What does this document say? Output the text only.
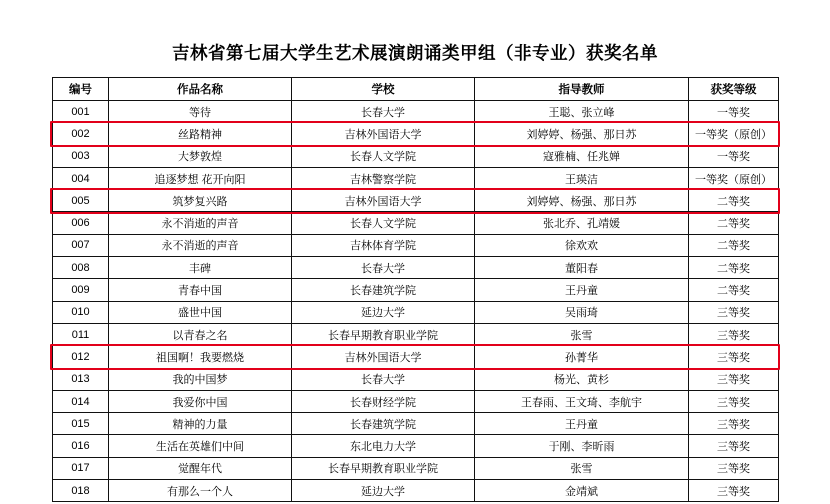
吉林省第七届大学生艺术展演朗诵类甲组（非专业）获奖名单
编号	作品名称	学校	指导教师	获奖等级
001	等待	长春大学	王聪、张立峰	一等奖
002	丝路精神	吉林外国语大学	刘婷婷、杨强、那日苏	一等奖（原创）
003	大梦敦煌	长春人文学院	寇雅楠、任兆婵	一等奖
004	追逐梦想 花开向阳	吉林警察学院	王瑛洁	一等奖（原创）
005	筑梦复兴路	吉林外国语大学	刘婷婷、杨强、那日苏	二等奖
006	永不消逝的声音	长春人文学院	张北乔、孔靖媛	二等奖
007	永不消逝的声音	吉林体育学院	徐欢欢	二等奖
008	丰碑	长春大学	董阳春	二等奖
009	青春中国	长春建筑学院	王丹童	二等奖
010	盛世中国	延边大学	吴雨琦	三等奖
011	以青春之名	长春早期教育职业学院	张雪	三等奖
012	祖国啊！我要燃烧	吉林外国语大学	孙菁华	三等奖
013	我的中国梦	长春大学	杨光、黄杉	三等奖
014	我爱你中国	长春财经学院	王春雨、王文琦、李航宇	三等奖
015	精神的力量	长春建筑学院	王丹童	三等奖
016	生活在英雄们中间	东北电力大学	于刚、李昕雨	三等奖
017	觉醒年代	长春早期教育职业学院	张雪	三等奖
018	有那么一个人	延边大学	金靖斌	三等奖
